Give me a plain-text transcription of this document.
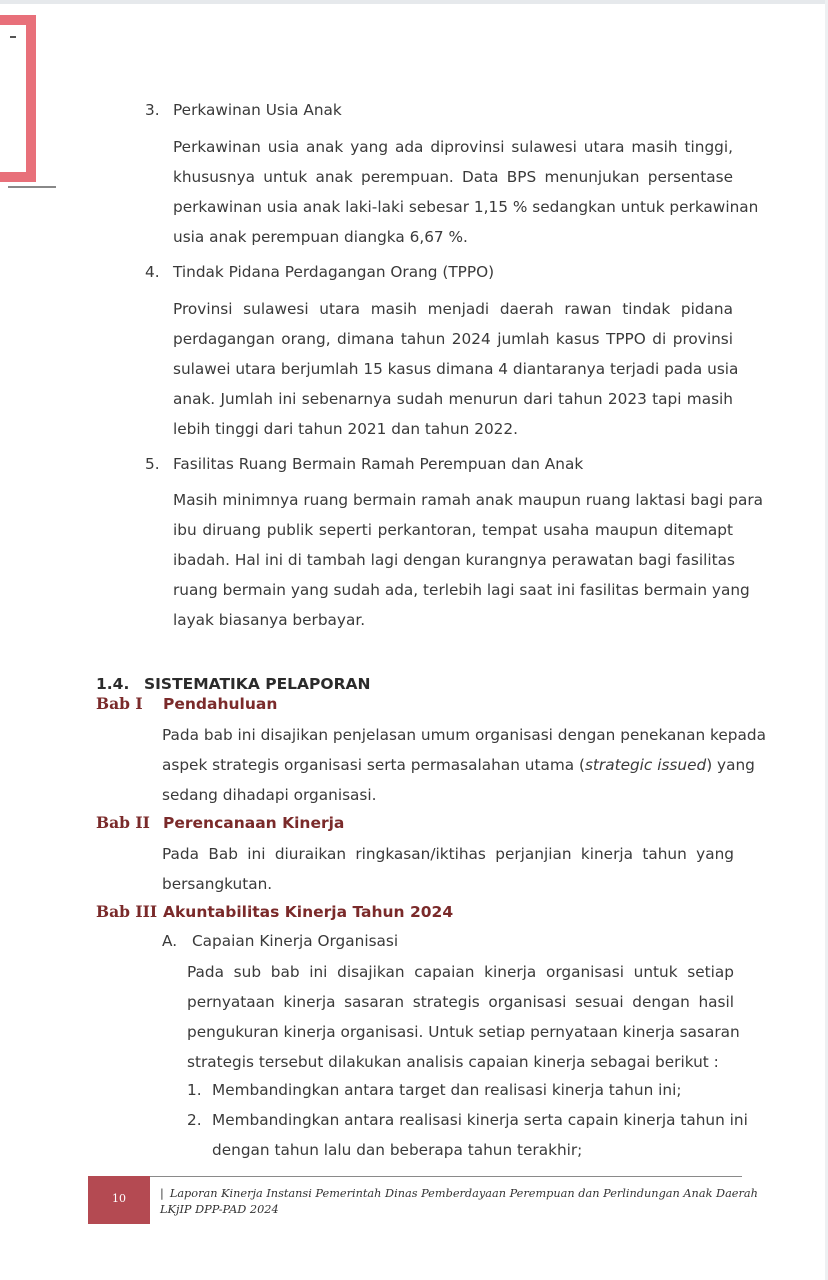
3. Perkawinan Usia Anak
Perkawinan usia anak yang ada diprovinsi sulawesi utara masih tinggi,
khususnya untuk anak perempuan. Data BPS menunjukan persentase
perkawinan usia anak laki-laki sebesar 1,15 % sedangkan untuk perkawinan
usia anak perempuan diangka 6,67 %.
4. Tindak Pidana Perdagangan Orang (TPPO)
Provinsi sulawesi utara masih menjadi daerah rawan tindak pidana
perdagangan orang, dimana tahun 2024 jumlah kasus TPPO di provinsi
sulawei utara berjumlah 15 kasus dimana 4 diantaranya terjadi pada usia
anak. Jumlah ini sebenarnya sudah menurun dari tahun 2023 tapi masih
lebih tinggi dari tahun 2021 dan tahun 2022.
5. Fasilitas Ruang Bermain Ramah Perempuan dan Anak
Masih minimnya ruang bermain ramah anak maupun ruang laktasi bagi para
ibu diruang publik seperti perkantoran, tempat usaha maupun ditemapt
ibadah. Hal ini di tambah lagi dengan kurangnya perawatan bagi fasilitas
ruang bermain yang sudah ada, terlebih lagi saat ini fasilitas bermain yang
layak biasanya berbayar.
1.4. SISTEMATIKA PELAPORAN
Bab I Pendahuluan
Pada bab ini disajikan penjelasan umum organisasi dengan penekanan kepada
aspek strategis organisasi serta permasalahan utama (strategic issued) yang
sedang dihadapi organisasi.
Bab II Perencanaan Kinerja
Pada Bab ini diuraikan ringkasan/iktihas perjanjian kinerja tahun yang
bersangkutan.
Bab III Akuntabilitas Kinerja Tahun 2024
A. Capaian Kinerja Organisasi
Pada sub bab ini disajikan capaian kinerja organisasi untuk setiap
pernyataan kinerja sasaran strategis organisasi sesuai dengan hasil
pengukuran kinerja organisasi. Untuk setiap pernyataan kinerja sasaran
strategis tersebut dilakukan analisis capaian kinerja sebagai berikut :
1. Membandingkan antara target dan realisasi kinerja tahun ini;
2. Membandingkan antara realisasi kinerja serta capain kinerja tahun ini
dengan tahun lalu dan beberapa tahun terakhir;
10	| Laporan Kinerja Instansi Pemerintah Dinas Pemberdayaan Perempuan dan Perlindungan Anak Daerah
LKjIP DPP-PAD 2024
